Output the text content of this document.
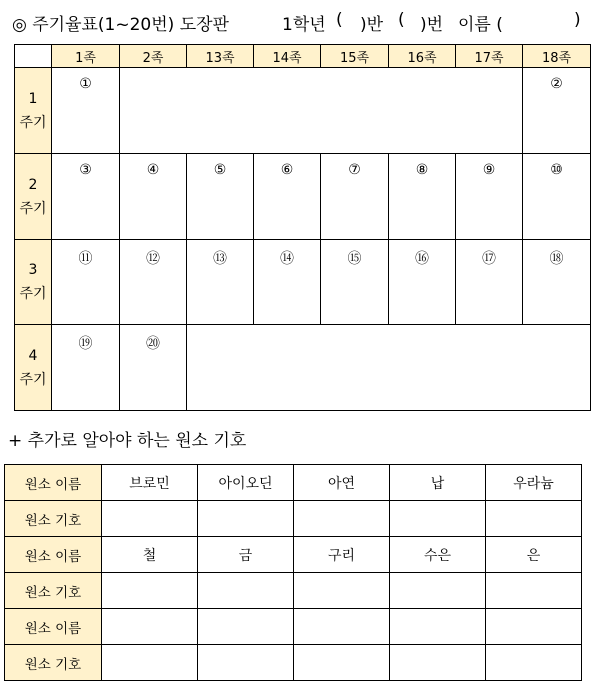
◎ 주기율표(1~20번) 도장판	1학년 ( )반 ( )번 이름 (	)
	1족	2족	13족	14족	15족	16족	17족	18족

1
주기	①							②

2
주기	③	④	⑤	⑥	⑦	⑧	⑨	⑩

3
주기	⑪	⑫	⑬	⑭	⑮	⑯	⑰	⑱

4
주기	⑲	⑳						
+ 추가로 알아야 하는 원소 기호
원소 이름	브로민	아이오딘	아연	납	우라늄
원소 기호					
원소 이름	철	금	구리	수은	은
원소 기호					
원소 이름					
원소 기호					
